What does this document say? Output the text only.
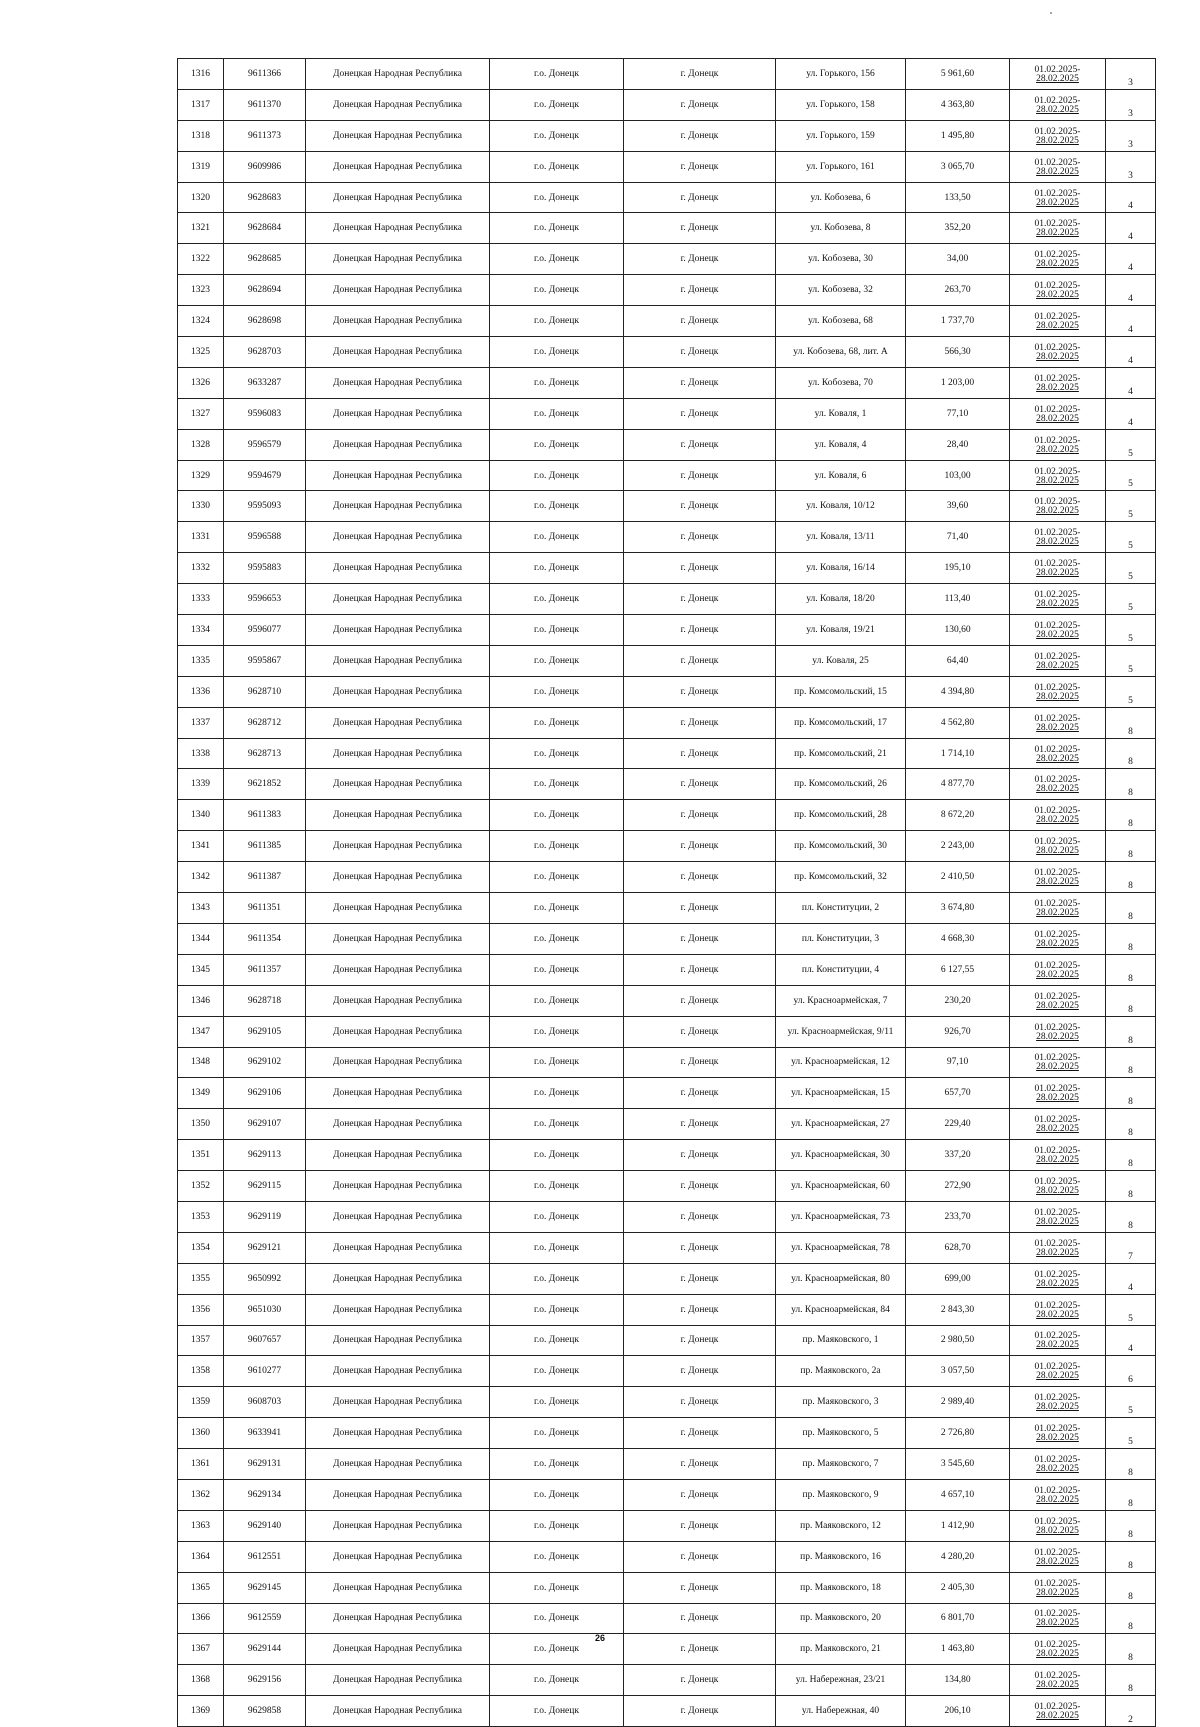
1316	9611366	Донецкая Народная Республика	г.о. Донецк	г. Донецк	ул. Горького, 156	5 961,60	01.02.2025-
28.02.2025	3
1317	9611370	Донецкая Народная Республика	г.о. Донецк	г. Донецк	ул. Горького, 158	4 363,80	01.02.2025-
28.02.2025	3
1318	9611373	Донецкая Народная Республика	г.о. Донецк	г. Донецк	ул. Горького, 159	1 495,80	01.02.2025-
28.02.2025	3
1319	9609986	Донецкая Народная Республика	г.о. Донецк	г. Донецк	ул. Горького, 161	3 065,70	01.02.2025-
28.02.2025	3
1320	9628683	Донецкая Народная Республика	г.о. Донецк	г. Донецк	ул. Кобозева, 6	133,50	01.02.2025-
28.02.2025	4
1321	9628684	Донецкая Народная Республика	г.о. Донецк	г. Донецк	ул. Кобозева, 8	352,20	01.02.2025-
28.02.2025	4
1322	9628685	Донецкая Народная Республика	г.о. Донецк	г. Донецк	ул. Кобозева, 30	34,00	01.02.2025-
28.02.2025	4
1323	9628694	Донецкая Народная Республика	г.о. Донецк	г. Донецк	ул. Кобозева, 32	263,70	01.02.2025-
28.02.2025	4
1324	9628698	Донецкая Народная Республика	г.о. Донецк	г. Донецк	ул. Кобозева, 68	1 737,70	01.02.2025-
28.02.2025	4
1325	9628703	Донецкая Народная Республика	г.о. Донецк	г. Донецк	ул. Кобозева, 68, лит. А	566,30	01.02.2025-
28.02.2025	4
1326	9633287	Донецкая Народная Республика	г.о. Донецк	г. Донецк	ул. Кобозева, 70	1 203,00	01.02.2025-
28.02.2025	4
1327	9596083	Донецкая Народная Республика	г.о. Донецк	г. Донецк	ул. Коваля, 1	77,10	01.02.2025-
28.02.2025	4
1328	9596579	Донецкая Народная Республика	г.о. Донецк	г. Донецк	ул. Коваля, 4	28,40	01.02.2025-
28.02.2025	5
1329	9594679	Донецкая Народная Республика	г.о. Донецк	г. Донецк	ул. Коваля, 6	103,00	01.02.2025-
28.02.2025	5
1330	9595093	Донецкая Народная Республика	г.о. Донецк	г. Донецк	ул. Коваля, 10/12	39,60	01.02.2025-
28.02.2025	5
1331	9596588	Донецкая Народная Республика	г.о. Донецк	г. Донецк	ул. Коваля, 13/11	71,40	01.02.2025-
28.02.2025	5
1332	9595883	Донецкая Народная Республика	г.о. Донецк	г. Донецк	ул. Коваля, 16/14	195,10	01.02.2025-
28.02.2025	5
1333	9596653	Донецкая Народная Республика	г.о. Донецк	г. Донецк	ул. Коваля, 18/20	113,40	01.02.2025-
28.02.2025	5
1334	9596077	Донецкая Народная Республика	г.о. Донецк	г. Донецк	ул. Коваля, 19/21	130,60	01.02.2025-
28.02.2025	5
1335	9595867	Донецкая Народная Республика	г.о. Донецк	г. Донецк	ул. Коваля, 25	64,40	01.02.2025-
28.02.2025	5
1336	9628710	Донецкая Народная Республика	г.о. Донецк	г. Донецк	пр. Комсомольский, 15	4 394,80	01.02.2025-
28.02.2025	5
1337	9628712	Донецкая Народная Республика	г.о. Донецк	г. Донецк	пр. Комсомольский, 17	4 562,80	01.02.2025-
28.02.2025	8
1338	9628713	Донецкая Народная Республика	г.о. Донецк	г. Донецк	пр. Комсомольский, 21	1 714,10	01.02.2025-
28.02.2025	8
1339	9621852	Донецкая Народная Республика	г.о. Донецк	г. Донецк	пр. Комсомольский, 26	4 877,70	01.02.2025-
28.02.2025	8
1340	9611383	Донецкая Народная Республика	г.о. Донецк	г. Донецк	пр. Комсомольский, 28	8 672,20	01.02.2025-
28.02.2025	8
1341	9611385	Донецкая Народная Республика	г.о. Донецк	г. Донецк	пр. Комсомольский, 30	2 243,00	01.02.2025-
28.02.2025	8
1342	9611387	Донецкая Народная Республика	г.о. Донецк	г. Донецк	пр. Комсомольский, 32	2 410,50	01.02.2025-
28.02.2025	8
1343	9611351	Донецкая Народная Республика	г.о. Донецк	г. Донецк	пл. Конституции, 2	3 674,80	01.02.2025-
28.02.2025	8
1344	9611354	Донецкая Народная Республика	г.о. Донецк	г. Донецк	пл. Конституции, 3	4 668,30	01.02.2025-
28.02.2025	8
1345	9611357	Донецкая Народная Республика	г.о. Донецк	г. Донецк	пл. Конституции, 4	6 127,55	01.02.2025-
28.02.2025	8
1346	9628718	Донецкая Народная Республика	г.о. Донецк	г. Донецк	ул. Красноармейская, 7	230,20	01.02.2025-
28.02.2025	8
1347	9629105	Донецкая Народная Республика	г.о. Донецк	г. Донецк	ул. Красноармейская, 9/11	926,70	01.02.2025-
28.02.2025	8
1348	9629102	Донецкая Народная Республика	г.о. Донецк	г. Донецк	ул. Красноармейская, 12	97,10	01.02.2025-
28.02.2025	8
1349	9629106	Донецкая Народная Республика	г.о. Донецк	г. Донецк	ул. Красноармейская, 15	657,70	01.02.2025-
28.02.2025	8
1350	9629107	Донецкая Народная Республика	г.о. Донецк	г. Донецк	ул. Красноармейская, 27	229,40	01.02.2025-
28.02.2025	8
1351	9629113	Донецкая Народная Республика	г.о. Донецк	г. Донецк	ул. Красноармейская, 30	337,20	01.02.2025-
28.02.2025	8
1352	9629115	Донецкая Народная Республика	г.о. Донецк	г. Донецк	ул. Красноармейская, 60	272,90	01.02.2025-
28.02.2025	8
1353	9629119	Донецкая Народная Республика	г.о. Донецк	г. Донецк	ул. Красноармейская, 73	233,70	01.02.2025-
28.02.2025	8
1354	9629121	Донецкая Народная Республика	г.о. Донецк	г. Донецк	ул. Красноармейская, 78	628,70	01.02.2025-
28.02.2025	7
1355	9650992	Донецкая Народная Республика	г.о. Донецк	г. Донецк	ул. Красноармейская, 80	699,00	01.02.2025-
28.02.2025	4
1356	9651030	Донецкая Народная Республика	г.о. Донецк	г. Донецк	ул. Красноармейская, 84	2 843,30	01.02.2025-
28.02.2025	5
1357	9607657	Донецкая Народная Республика	г.о. Донецк	г. Донецк	пр. Маяковского, 1	2 980,50	01.02.2025-
28.02.2025	4
1358	9610277	Донецкая Народная Республика	г.о. Донецк	г. Донецк	пр. Маяковского, 2а	3 057,50	01.02.2025-
28.02.2025	6
1359	9608703	Донецкая Народная Республика	г.о. Донецк	г. Донецк	пр. Маяковского, 3	2 989,40	01.02.2025-
28.02.2025	5
1360	9633941	Донецкая Народная Республика	г.о. Донецк	г. Донецк	пр. Маяковского, 5	2 726,80	01.02.2025-
28.02.2025	5
1361	9629131	Донецкая Народная Республика	г.о. Донецк	г. Донецк	пр. Маяковского, 7	3 545,60	01.02.2025-
28.02.2025	8
1362	9629134	Донецкая Народная Республика	г.о. Донецк	г. Донецк	пр. Маяковского, 9	4 657,10	01.02.2025-
28.02.2025	8
1363	9629140	Донецкая Народная Республика	г.о. Донецк	г. Донецк	пр. Маяковского, 12	1 412,90	01.02.2025-
28.02.2025	8
1364	9612551	Донецкая Народная Республика	г.о. Донецк	г. Донецк	пр. Маяковского, 16	4 280,20	01.02.2025-
28.02.2025	8
1365	9629145	Донецкая Народная Республика	г.о. Донецк	г. Донецк	пр. Маяковского, 18	2 405,30	01.02.2025-
28.02.2025	8
1366	9612559	Донецкая Народная Республика	г.о. Донецк	г. Донецк	пр. Маяковского, 20	6 801,70	01.02.2025-
28.02.2025	8
1367	9629144	Донецкая Народная Республика	г.о. Донецк	г. Донецк	пр. Маяковского, 21	1 463,80	01.02.2025-
28.02.2025	8
1368	9629156	Донецкая Народная Республика	г.о. Донецк	г. Донецк	ул. Набережная, 23/21	134,80	01.02.2025-
28.02.2025	8
1369	9629858	Донецкая Народная Республика	г.о. Донецк	г. Донецк	ул. Набережная, 40	206,10	01.02.2025-
28.02.2025	2
26
